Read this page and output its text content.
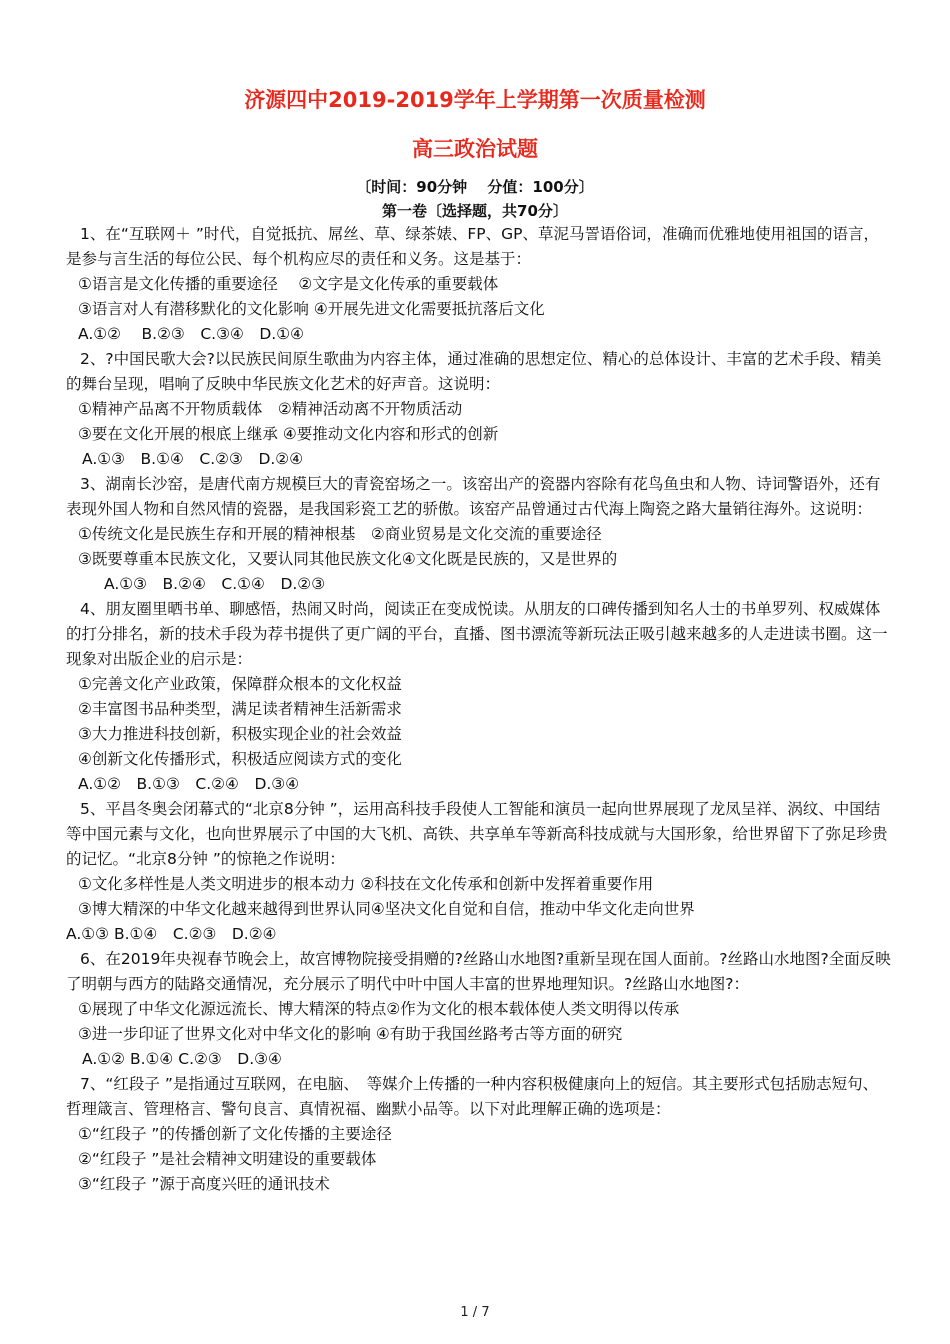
济源四中2019-2019学年上学期第一次质量检测
高三政治试题
〔时间：90分钟　 分值：100分〕
第一卷〔选择题，共70分〕
1、在“互联网＋ ”时代，自觉抵抗、屌丝、草、绿茶婊、FP、GP、草泥马詈语俗词，准确而优雅地使用祖国的语言，是参与言生活的每位公民、每个机构应尽的责任和义务。这是基于：
①语言是文化传播的重要途径　 ②文字是文化传承的重要载体
③语言对人有潜移默化的文化影响 ④开展先进文化需要抵抗落后文化
A.①②　 B.②③　C.③④　D.①④
2、?中国民歌大会?以民族民间原生歌曲为内容主体，通过准确的思想定位、精心的总体设计、丰富的艺术手段、精美的舞台呈现，唱响了反映中华民族文化艺术的好声音。这说明：
①精神产品离不开物质载体　②精神活动离不开物质活动
③要在文化开展的根底上继承 ④要推动文化内容和形式的创新
A.①③　B.①④　C.②③　D.②④
3、湖南长沙窑，是唐代南方规模巨大的青瓷窑场之一。该窑出产的瓷器内容除有花鸟鱼虫和人物、诗词警语外，还有表现外国人物和自然风情的瓷器，是我国彩瓷工艺的骄傲。该窑产品曾通过古代海上陶瓷之路大量销往海外。这说明：
①传统文化是民族生存和开展的精神根基　②商业贸易是文化交流的重要途径
③既要尊重本民族文化，又要认同其他民族文化④文化既是民族的，又是世界的
A.①③　B.②④　C.①④　D.②③
4、朋友圈里晒书单、聊感悟，热闹又时尚，阅读正在变成悦读。从朋友的口碑传播到知名人士的书单罗列、权威媒体的打分排名，新的技术手段为荐书提供了更广阔的平台，直播、图书漂流等新玩法正吸引越来越多的人走进读书圈。这一现象对出版企业的启示是：
①完善文化产业政策，保障群众根本的文化权益
②丰富图书品种类型，满足读者精神生活新需求
③大力推进科技创新，积极实现企业的社会效益
④创新文化传播形式，积极适应阅读方式的变化
A.①②　B.①③　C.②④　D.③④
5、平昌冬奥会闭幕式的“北京8分钟 ”，运用高科技手段使人工智能和演员一起向世界展现了龙凤呈祥、涡纹、中国结等中国元素与文化，也向世界展示了中国的大飞机、高铁、共享单车等新高科技成就与大国形象，给世界留下了弥足珍贵的记忆。“北京8分钟 ”的惊艳之作说明：
①文化多样性是人类文明进步的根本动力 ②科技在文化传承和创新中发挥着重要作用
③博大精深的中华文化越来越得到世界认同④坚决文化自觉和自信，推动中华文化走向世界
A.①③ B.①④　C.②③　D.②④
6、在2019年央视春节晚会上，故宫博物院接受捐赠的?丝路山水地图?重新呈现在国人面前。?丝路山水地图?全面反映了明朝与西方的陆路交通情况，充分展示了明代中叶中国人丰富的世界地理知识。?丝路山水地图?：
①展现了中华文化源远流长、博大精深的特点②作为文化的根本载体使人类文明得以传承
③进一步印证了世界文化对中华文化的影响 ④有助于我国丝路考古等方面的研究
A.①② B.①④ C.②③　D.③④
7、“红段子 ”是指通过互联网，在电脑、　等媒介上传播的一种内容积极健康向上的短信。其主要形式包括励志短句、哲理箴言、管理格言、警句良言、真情祝福、幽默小品等。以下对此理解正确的选项是：
①“红段子 ”的传播创新了文化传播的主要途径
②“红段子 ”是社会精神文明建设的重要载体
③“红段子 ”源于高度兴旺的通讯技术
1 / 7
